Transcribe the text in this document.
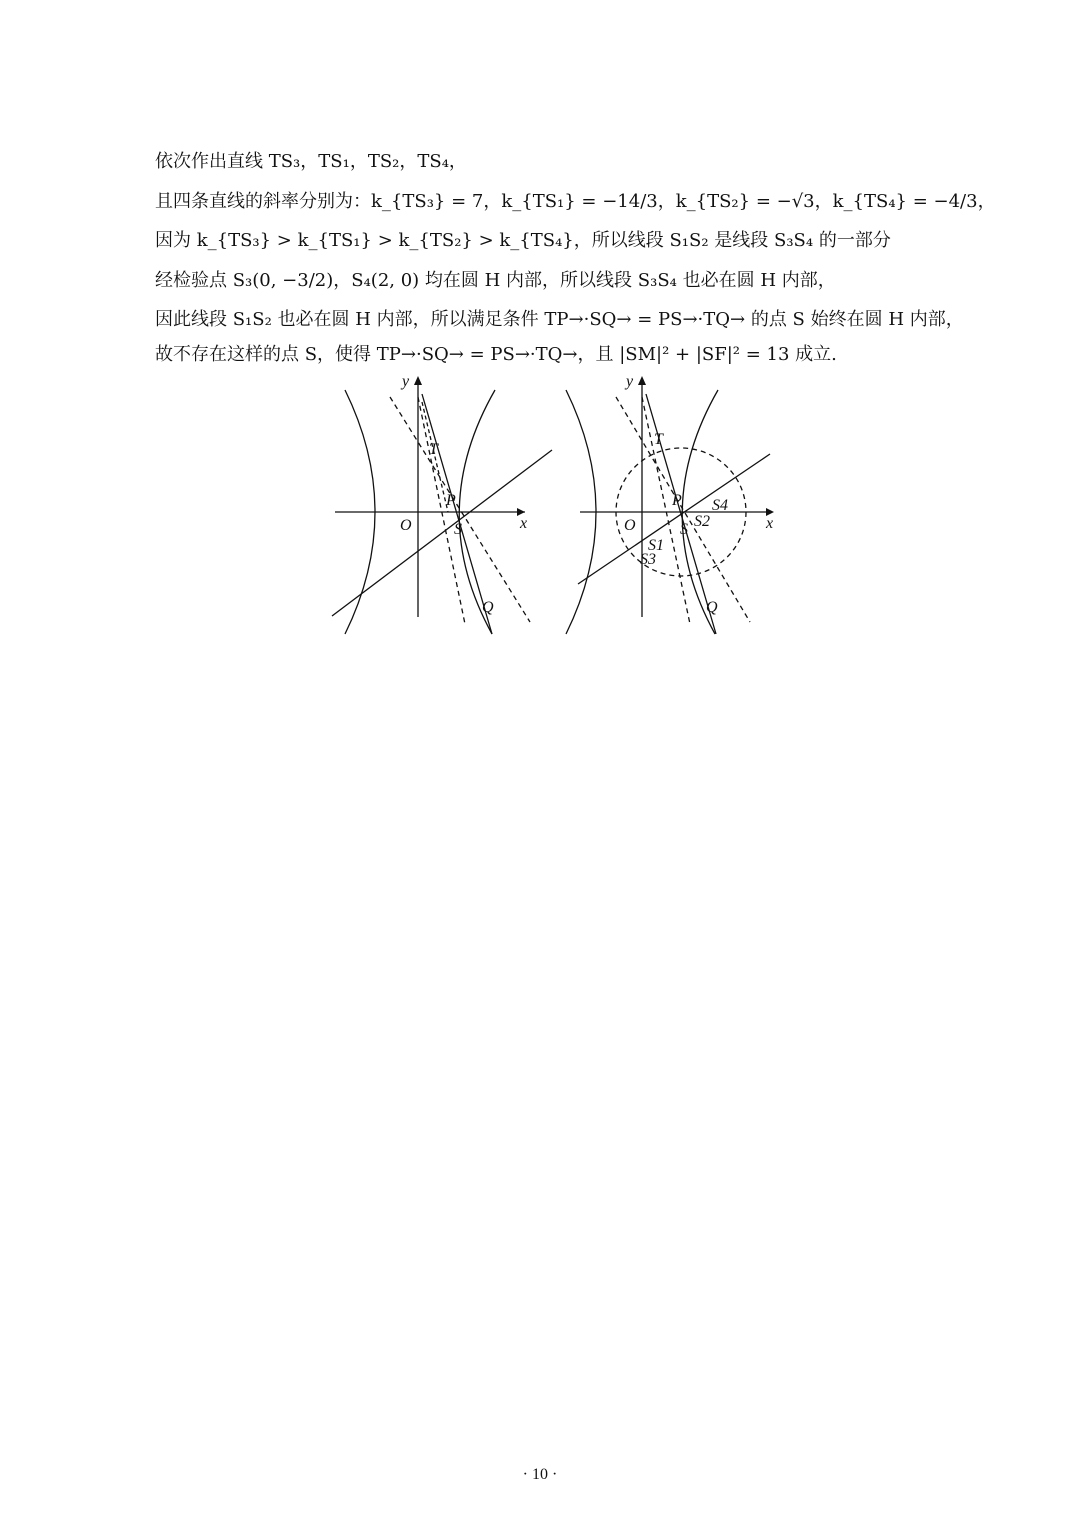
依次作出直线 TS₃，TS₁，TS₂，TS₄，
且四条直线的斜率分别为：k_{TS₃} = 7，k_{TS₁} = −14/3，k_{TS₂} = −√3，k_{TS₄} = −4/3，
因为 k_{TS₃} > k_{TS₁} > k_{TS₂} > k_{TS₄}，所以线段 S₁S₂ 是线段 S₃S₄ 的一部分
经检验点 S₃(0, −3/2)，S₄(2, 0) 均在圆 H 内部，所以线段 S₃S₄ 也必在圆 H 内部，
因此线段 S₁S₂ 也必在圆 H 内部，所以满足条件 TP→·SQ→ = PS→·TQ→ 的点 S 始终在圆 H 内部，
故不存在这样的点 S，使得 TP→·SQ→ = PS→·TQ→，且 |SM|² + |SF|² = 13 成立.
y
x
O
T
P
S
Q
y
x
O
T
P
S
Q
S1
S2
S3
S4
· 10 ·
